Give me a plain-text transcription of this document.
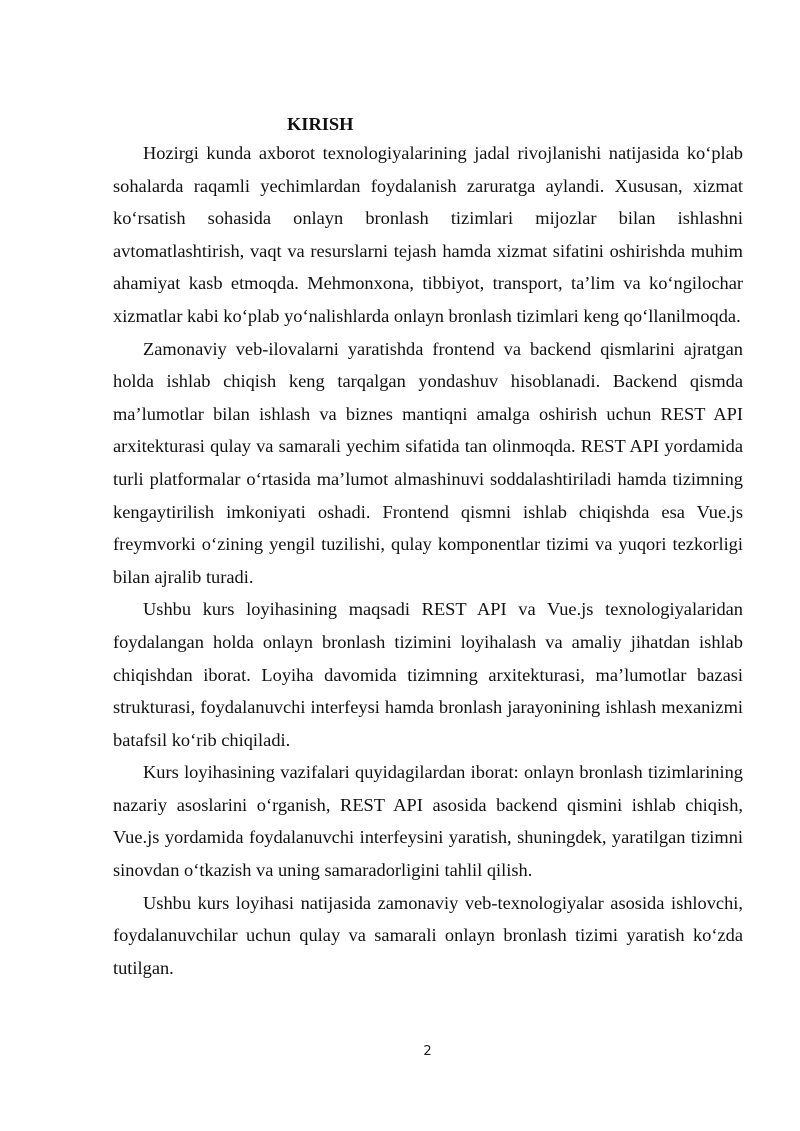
KIRISH

Hozirgi kunda axborot texnologiyalarining jadal rivojlanishi natijasida ko‘plab sohalarda raqamli yechimlardan foydalanish zaruratga aylandi. Xususan, xizmat ko‘rsatish sohasida onlayn bronlash tizimlari mijozlar bilan ishlashni avtomatlashtirish, vaqt va resurslarni tejash hamda xizmat sifatini oshirishda muhim ahamiyat kasb etmoqda. Mehmonxona, tibbiyot, transport, ta’lim va ko‘ngilochar xizmatlar kabi ko‘plab yo‘nalishlarda onlayn bronlash tizimlari keng qo‘llanilmoqda.

Zamonaviy veb-ilovalarni yaratishda frontend va backend qismlarini ajratgan holda ishlab chiqish keng tarqalgan yondashuv hisoblanadi. Backend qismda ma’lumotlar bilan ishlash va biznes mantiqni amalga oshirish uchun REST API arxitekturasi qulay va samarali yechim sifatida tan olinmoqda. REST API yordamida turli platformalar o‘rtasida ma’lumot almashinuvi soddalashtiriladi hamda tizimning kengaytirilish imkoniyati oshadi. Frontend qismni ishlab chiqishda esa Vue.js freymvorki o‘zining yengil tuzilishi, qulay komponentlar tizimi va yuqori tezkorligi bilan ajralib turadi.

Ushbu kurs loyihasining maqsadi REST API va Vue.js texnologiyalaridan foydalangan holda onlayn bronlash tizimini loyihalash va amaliy jihatdan ishlab chiqishdan iborat. Loyiha davomida tizimning arxitekturasi, ma’lumotlar bazasi strukturasi, foydalanuvchi interfeysi hamda bronlash jarayonining ishlash mexanizmi batafsil ko‘rib chiqiladi.

Kurs loyihasining vazifalari quyidagilardan iborat: onlayn bronlash tizimlarining nazariy asoslarini o‘rganish, REST API asosida backend qismini ishlab chiqish, Vue.js yordamida foydalanuvchi interfeysini yaratish, shuningdek, yaratilgan tizimni sinovdan o‘tkazish va uning samaradorligini tahlil qilish.

Ushbu kurs loyihasi natijasida zamonaviy veb-texnologiyalar asosida ishlovchi, foydalanuvchilar uchun qulay va samarali onlayn bronlash tizimi yaratish ko‘zda tutilgan.

2
